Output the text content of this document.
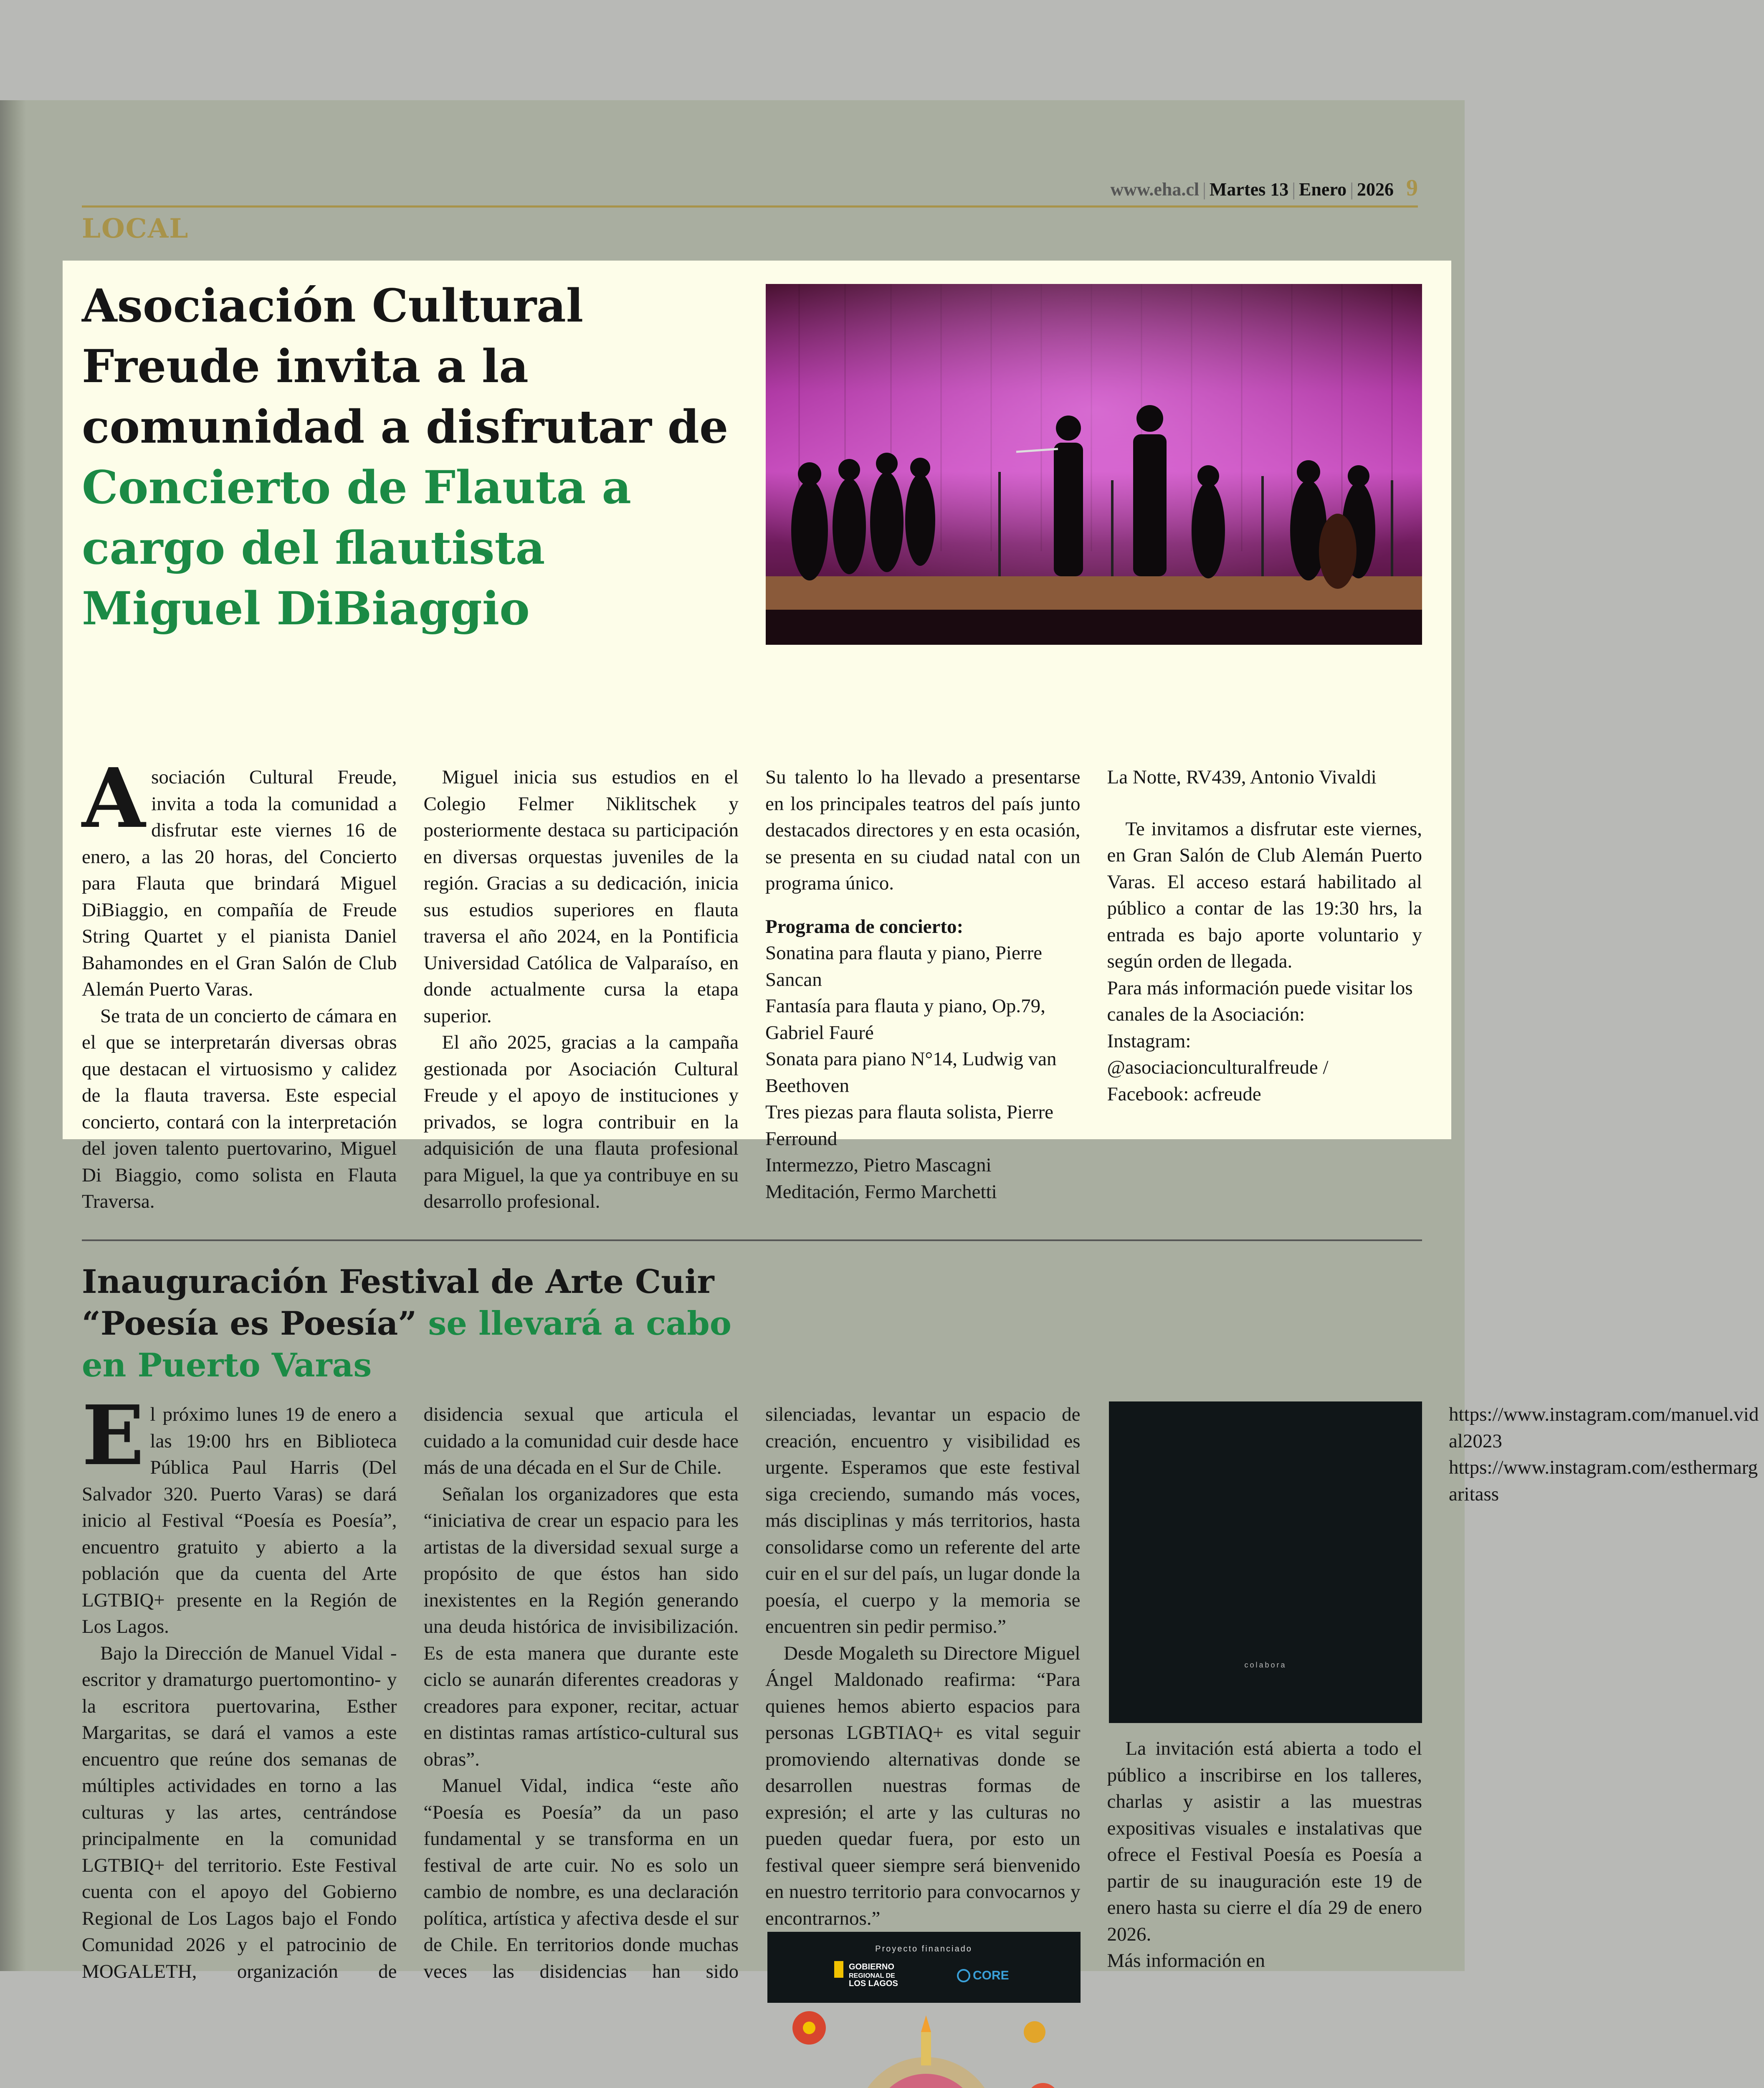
www.eha.cl | Martes 13 | Enero | 2026 9
LOCAL
Asociación Cultural Freude invita a la comunidad a disfrutar de Concierto de Flauta a cargo del flautista Miguel DiBiaggio

Asociación Cultural Freude, invita a toda la comunidad a disfrutar este viernes 16 de enero, a las 20 horas, del Concierto para Flauta que brindará Miguel DiBiaggio, en compañía de Freude String Quartet y el pianista Daniel Bahamondes en el Gran Salón de Club Alemán Puerto Varas.

Se trata de un concierto de cámara en el que se interpretarán diversas obras que destacan el virtuosismo y calidez de la flauta traversa. Este especial concierto, contará con la interpretación del joven talento puertovarino, Miguel Di Biaggio, como solista en Flauta Traversa.

Miguel inicia sus estudios en el Colegio Felmer Niklitschek y posteriormente destaca su participación en diversas orquestas juveniles de la región. Gracias a su dedicación, inicia sus estudios superiores en flauta traversa el año 2024, en la Pontificia Universidad Católica de Valparaíso, en donde actualmente cursa la etapa superior.

El año 2025, gracias a la campaña gestionada por Asociación Cultural Freude y el apoyo de instituciones y privados, se logra contribuir en la adquisición de una flauta profesional para Miguel, la que ya contribuye en su desarrollo profesional.

Su talento lo ha llevado a presentarse en los principales teatros del país junto destacados directores y en esta ocasión, se presenta en su ciudad natal con un programa único.

Programa de concierto:

Sonatina para flauta y piano, Pierre Sancan

Fantasía para flauta y piano, Op.79, Gabriel Fauré

Sonata para piano N°14, Ludwig van Beethoven

Tres piezas para flauta solista, Pierre Ferround

Intermezzo, Pietro Mascagni

Meditación, Fermo Marchetti

La Notte, RV439, Antonio Vivaldi

Te invitamos a disfrutar este viernes, en Gran Salón de Club Alemán Puerto Varas. El acceso estará habilitado al público a contar de las 19:30 hrs, la entrada es bajo aporte voluntario y según orden de llegada.

Para más información puede visitar los canales de la Asociación:

Instagram:

@asociacionculturalfreude /

Facebook: acfreude

Inauguración Festival de Arte Cuir “Poesía es Poesía” se llevará a cabo en Puerto Varas

El próximo lunes 19 de enero a las 19:00 hrs en Biblioteca Pública Paul Harris (Del Salvador 320. Puerto Varas) se dará inicio al Festival “Poesía es Poesía”, encuentro gratuito y abierto a la población que da cuenta del Arte LGTBIQ+ presente en la Región de Los Lagos.

Bajo la Dirección de Manuel Vidal -escritor y dramaturgo puertomontino- y la escritora puertovarina, Esther Margaritas, se dará el vamos a este encuentro que reúne dos semanas de múltiples actividades en torno a las culturas y las artes, centrándose principalmente en la comunidad LGTBIQ+ del territorio. Este Festival cuenta con el apoyo del Gobierno Regional de Los Lagos bajo el Fondo Comunidad 2026 y el patrocinio de MOGALETH, organización de disidencia sexual que articula el cuidado a la comunidad cuir desde hace más de una década en el Sur de Chile.

Señalan los organizadores que esta “iniciativa de crear un espacio para les artistas de la diversidad sexual surge a propósito de que éstos han sido inexistentes en la Región generando una deuda histórica de invisibilización. Es de esta manera que durante este ciclo se aunarán diferentes creadoras y creadores para exponer, recitar, actuar en distintas ramas artístico-cultural sus obras”.

Manuel Vidal, indica “este año “Poesía es Poesía” da un paso fundamental y se transforma en un festival de arte cuir. No es solo un cambio de nombre, es una declaración política, artística y afectiva desde el sur de Chile. En territorios donde muchas veces las disidencias han sido silenciadas, levantar un espacio de creación, encuentro y visibilidad es urgente. Esperamos que este festival siga creciendo, sumando más voces, más disciplinas y más territorios, hasta consolidarse como un referente del arte cuir en el sur del país, un lugar donde la poesía, el cuerpo y la memoria se encuentren sin pedir permiso.”

Desde Mogaleth su Directore Miguel Ángel Maldonado reafirma: “Para quienes hemos abierto espacios para personas LGBTIAQ+ es vital seguir promoviendo alternativas donde se desarrollen nuestras formas de expresión; el arte y las culturas no pueden quedar fuera, por esto un festival queer siempre será bienvenido en nuestro territorio para convocarnos y encontrarnos.”

Proyecto financiado
GOBIERNO
REGIONAL DE
LOS LAGOS
CORE
colabora

La invitación está abierta a todo el público a inscribirse en los talleres, charlas y asistir a las muestras expositivas visuales e instalativas que ofrece el Festival Poesía es Poesía a partir de su inauguración este 19 de enero hasta su cierre el día 29 de enero 2026.

Más información en

https://www.instagram.com/manuel.vidal2023

https://www.instagram.com/esthermargaritass
